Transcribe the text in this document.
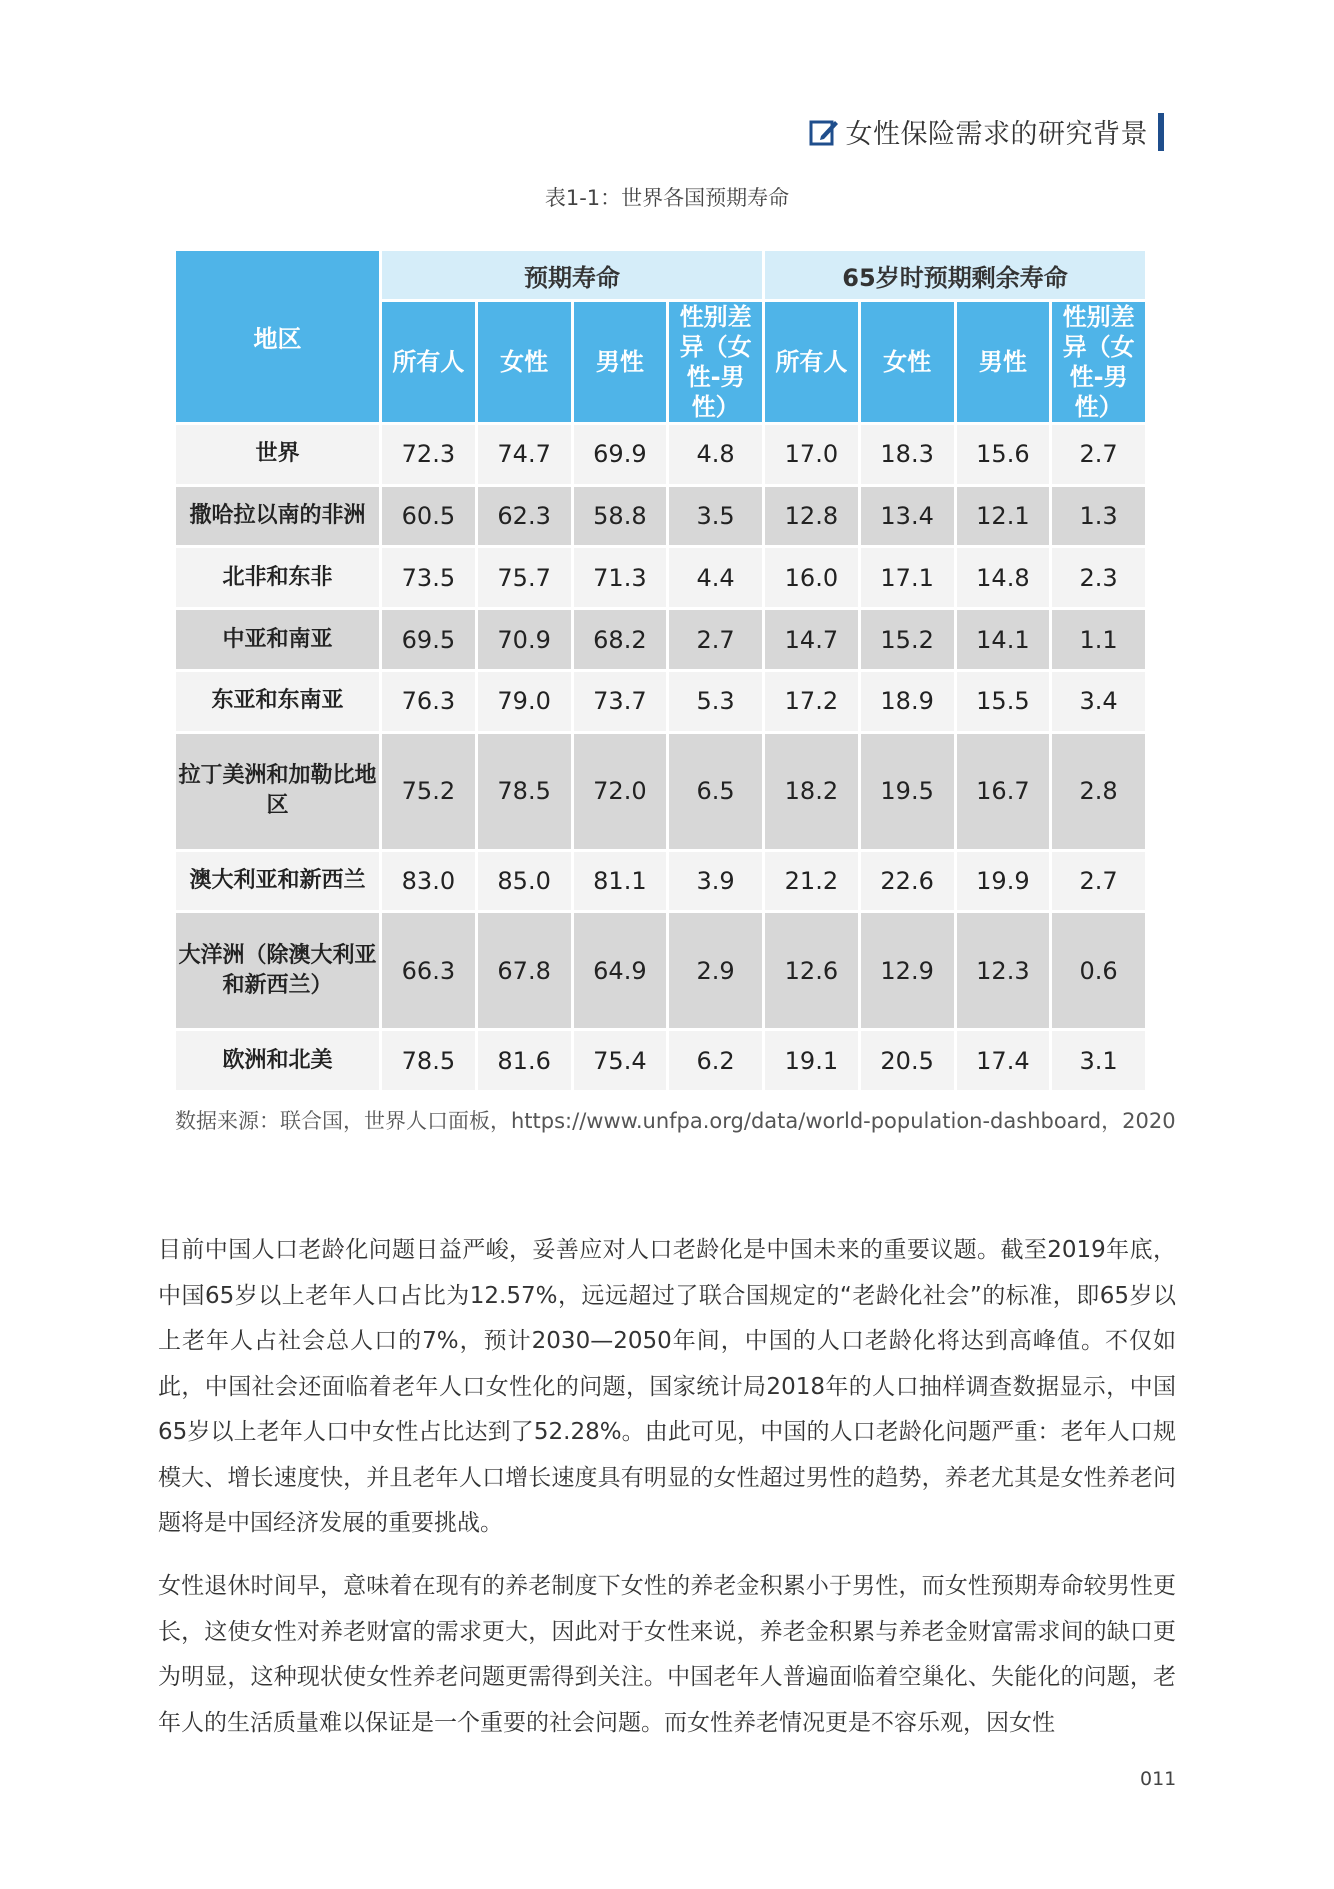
女性保险需求的研究背景
表1-1：世界各国预期寿命
地区	预期寿命				65岁时预期剩余寿命			
	所有人	女性	男性	性别差异（女性-男性）	所有人	女性	男性	性别差异（女性-男性）
世界	72.3	74.7	69.9	4.8	17.0	18.3	15.6	2.7
撒哈拉以南的非洲	60.5	62.3	58.8	3.5	12.8	13.4	12.1	1.3
北非和东非	73.5	75.7	71.3	4.4	16.0	17.1	14.8	2.3
中亚和南亚	69.5	70.9	68.2	2.7	14.7	15.2	14.1	1.1
东亚和东南亚	76.3	79.0	73.7	5.3	17.2	18.9	15.5	3.4
拉丁美洲和加勒比地区	75.2	78.5	72.0	6.5	18.2	19.5	16.7	2.8
澳大利亚和新西兰	83.0	85.0	81.1	3.9	21.2	22.6	19.9	2.7
大洋洲（除澳大利亚和新西兰）	66.3	67.8	64.9	2.9	12.6	12.9	12.3	0.6
欧洲和北美	78.5	81.6	75.4	6.2	19.1	20.5	17.4	3.1
数据来源：联合国，世界人口面板，https://www.unfpa.org/data/world-population-dashboard，2020
目前中国人口老龄化问题日益严峻，妥善应对人口老龄化是中国未来的重要议题。截至2019年底，中国65岁以上老年人口占比为12.57%，远远超过了联合国规定的“老龄化社会”的标准，即65岁以上老年人占社会总人口的7%，预计2030—2050年间，中国的人口老龄化将达到高峰值。不仅如此，中国社会还面临着老年人口女性化的问题，国家统计局2018年的人口抽样调查数据显示，中国65岁以上老年人口中女性占比达到了52.28%。由此可见，中国的人口老龄化问题严重：老年人口规模大、增长速度快，并且老年人口增长速度具有明显的女性超过男性的趋势，养老尤其是女性养老问题将是中国经济发展的重要挑战。
女性退休时间早，意味着在现有的养老制度下女性的养老金积累小于男性，而女性预期寿命较男性更长，这使女性对养老财富的需求更大，因此对于女性来说，养老金积累与养老金财富需求间的缺口更为明显，这种现状使女性养老问题更需得到关注。中国老年人普遍面临着空巢化、失能化的问题，老年人的生活质量难以保证是一个重要的社会问题。而女性养老情况更是不容乐观，因女性
011
